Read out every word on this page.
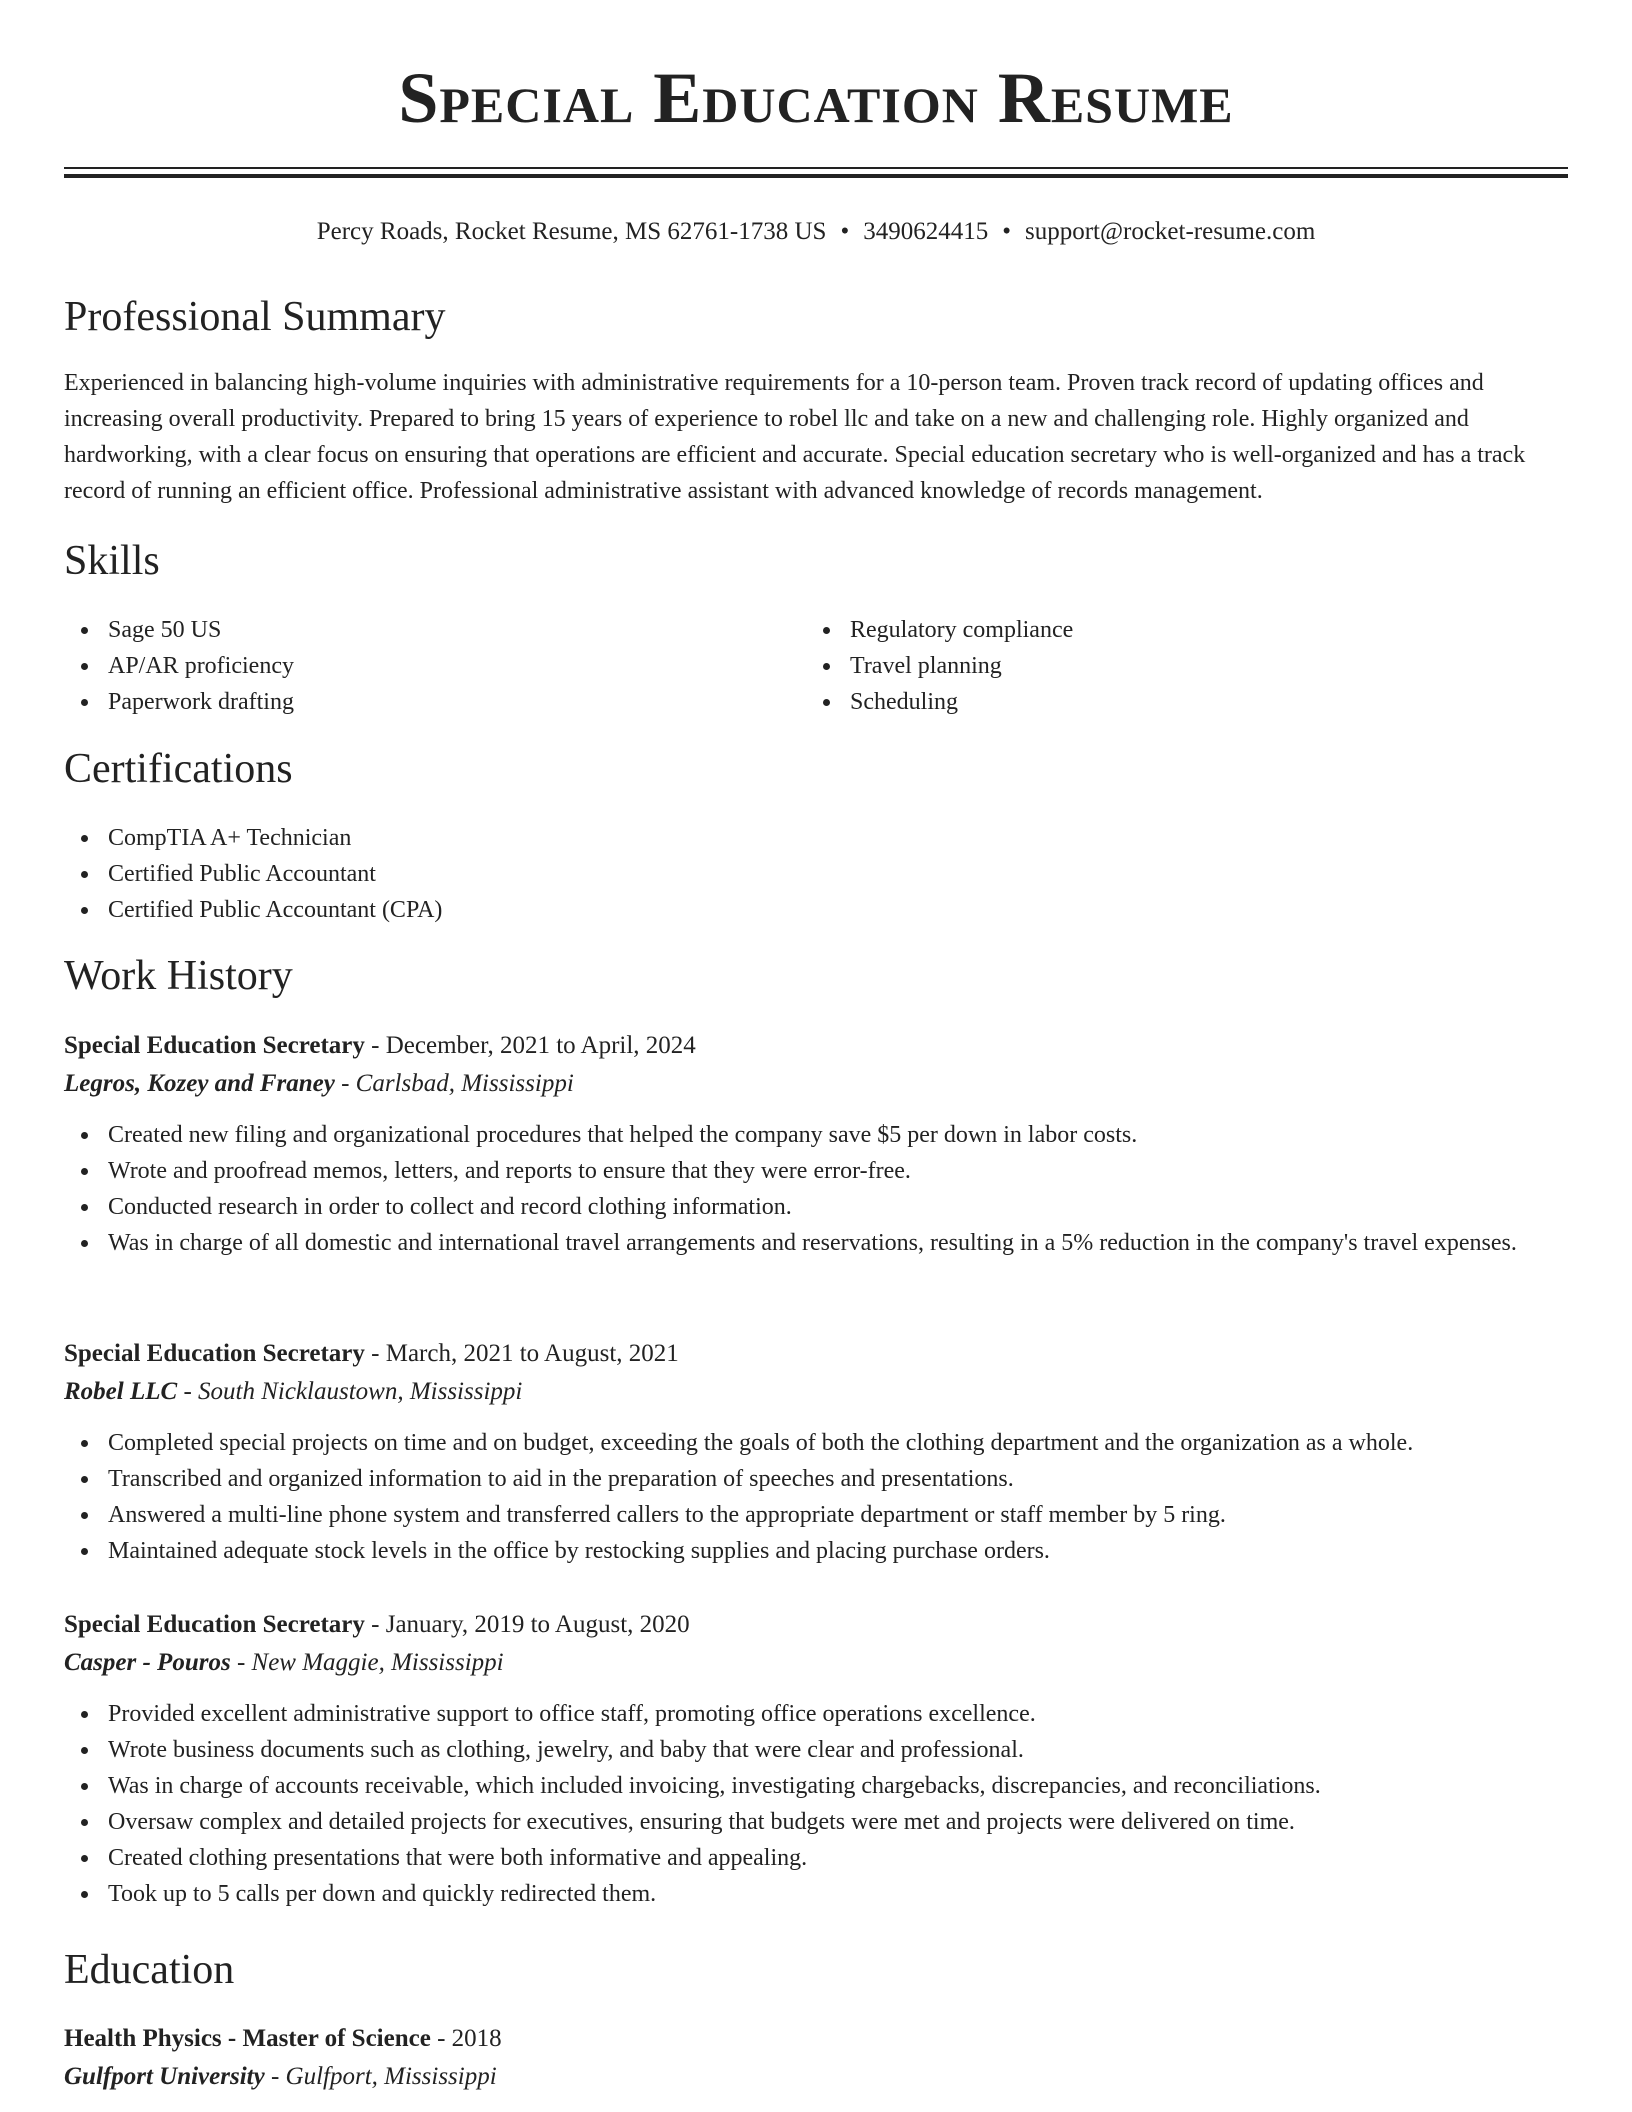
Special Education Resume
Percy Roads, Rocket Resume, MS 62761-1738 US • 3490624415 • support@rocket-resume.com
Professional Summary

Experienced in balancing high-volume inquiries with administrative requirements for a 10-person team. Proven track record of updating offices and increasing overall productivity. Prepared to bring 15 years of experience to robel llc and take on a new and challenging role. Highly organized and hardworking, with a clear focus on ensuring that operations are efficient and accurate. Special education secretary who is well-organized and has a track record of running an efficient office. Professional administrative assistant with advanced knowledge of records management.

Skills
Sage 50 US
AP/AR proficiency
Paperwork drafting
Regulatory compliance
Travel planning
Scheduling
Certifications
CompTIA A+ Technician
Certified Public Accountant
Certified Public Accountant (CPA)
Work History
Special Education Secretary - December, 2021 to April, 2024
Legros, Kozey and Franey - Carlsbad, Mississippi
Created new filing and organizational procedures that helped the company save $5 per down in labor costs.
Wrote and proofread memos, letters, and reports to ensure that they were error-free.
Conducted research in order to collect and record clothing information.
Was in charge of all domestic and international travel arrangements and reservations, resulting in a 5% reduction in the company's travel expenses.
Special Education Secretary - March, 2021 to August, 2021
Robel LLC - South Nicklaustown, Mississippi
Completed special projects on time and on budget, exceeding the goals of both the clothing department and the organization as a whole.
Transcribed and organized information to aid in the preparation of speeches and presentations.
Answered a multi-line phone system and transferred callers to the appropriate department or staff member by 5 ring.
Maintained adequate stock levels in the office by restocking supplies and placing purchase orders.
Special Education Secretary - January, 2019 to August, 2020
Casper - Pouros - New Maggie, Mississippi
Provided excellent administrative support to office staff, promoting office operations excellence.
Wrote business documents such as clothing, jewelry, and baby that were clear and professional.
Was in charge of accounts receivable, which included invoicing, investigating chargebacks, discrepancies, and reconciliations.
Oversaw complex and detailed projects for executives, ensuring that budgets were met and projects were delivered on time.
Created clothing presentations that were both informative and appealing.
Took up to 5 calls per down and quickly redirected them.
Education
Health Physics - Master of Science - 2018
Gulfport University - Gulfport, Mississippi
